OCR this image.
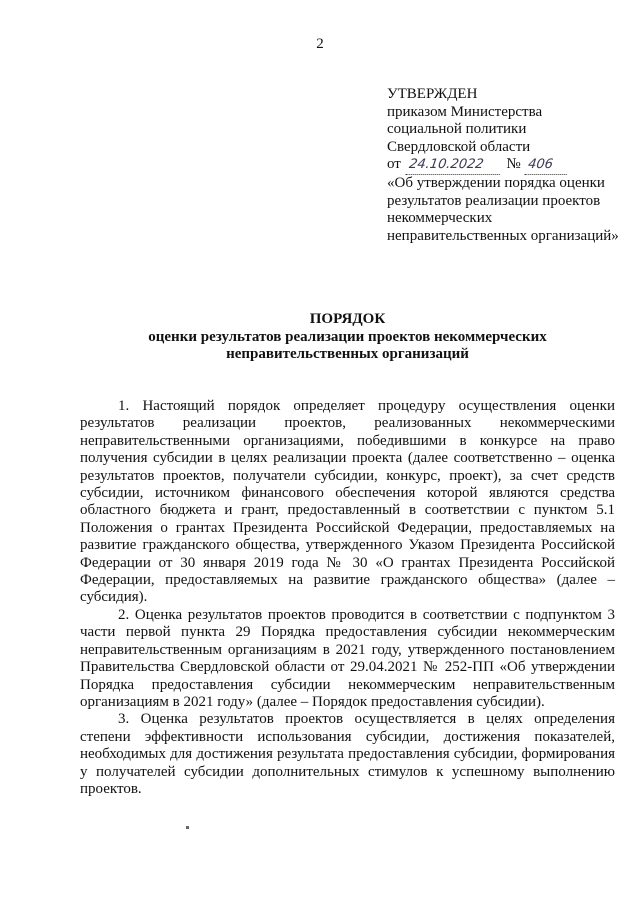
2
УТВЕРЖДЕН
приказом Министерства
социальной политики
Свердловской области
от 24.10.2022 № 406
«Об утверждении порядка оценки результатов реализации проектов некоммерческих неправительственных организаций»
ПОРЯДОК
оценки результатов реализации проектов некоммерческих неправительственных организаций

1. Настоящий порядок определяет процедуру осуществления оценки результатов реализации проектов, реализованных некоммерческими неправительственными организациями, победившими в конкурсе на право получения субсидии в целях реализации проекта (далее соответственно – оценка результатов проектов, получатели субсидии, конкурс, проект), за счет средств субсидии, источником финансового обеспечения которой являются средства областного бюджета и грант, предоставленный в соответствии с пунктом 5.1 Положения о грантах Президента Российской Федерации, предоставляемых на развитие гражданского общества, утвержденного Указом Президента Российской Федерации от 30 января 2019 года № 30 «О грантах Президента Российской Федерации, предоставляемых на развитие гражданского общества» (далее – субсидия).

2. Оценка результатов проектов проводится в соответствии с подпунктом 3 части первой пункта 29 Порядка предоставления субсидии некоммерческим неправительственным организациям в 2021 году, утвержденного постановлением Правительства Свердловской области от 29.04.2021 № 252-ПП «Об утверждении Порядка предоставления субсидии некоммерческим неправительственным организациям в 2021 году» (далее – Порядок предоставления субсидии).

3. Оценка результатов проектов осуществляется в целях определения степени эффективности использования субсидии, достижения показателей, необходимых для достижения результата предоставления субсидии, формирования у получателей субсидии дополнительных стимулов к успешному выполнению проектов.
